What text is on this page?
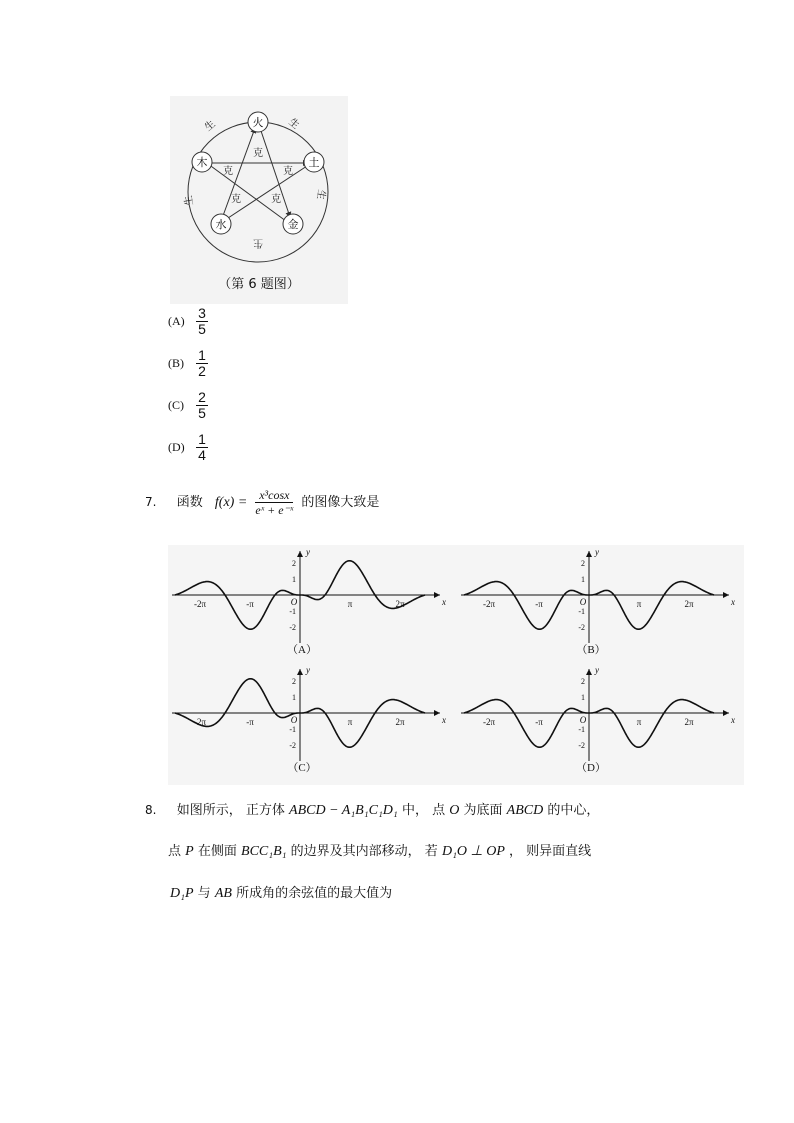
火
土
金
水
木
生	生
生
生
生
克
克
克
克	克
（第 6 题图）
$(A) \frac{3}{5}$
$(B) \frac{1}{2}$
$(C) \frac{2}{5}$
$(D) \frac{1}{4}$
7. 函数 $f(x) = \frac{\text{x³cosx}}{\text{eˣ + e⁻ˣ}}$ 的图像大致是
x
y
O
2
1
-1
-2
-2π	-π	π	2π
（A）
x
y
O
2
1
-1
-2
-2π	-π	π	2π
（B）
x
y
O
2
1
-1
-2
-2π	-π	π	2π
（C）
x
y
O
2
1
-1
-2
-2π	-π	π	2π
（D）
8. 如图所示， 正方体 ABCD − A₁B₁C₁D₁ 中， 点 O 为底面 ABCD 的中心，
点 P 在侧面 BCC₁B₁ 的边界及其内部移动， 若 D₁O ⊥ OP ， 则异面直线
D₁P 与 AB 所成角的余弦值的最大值为
